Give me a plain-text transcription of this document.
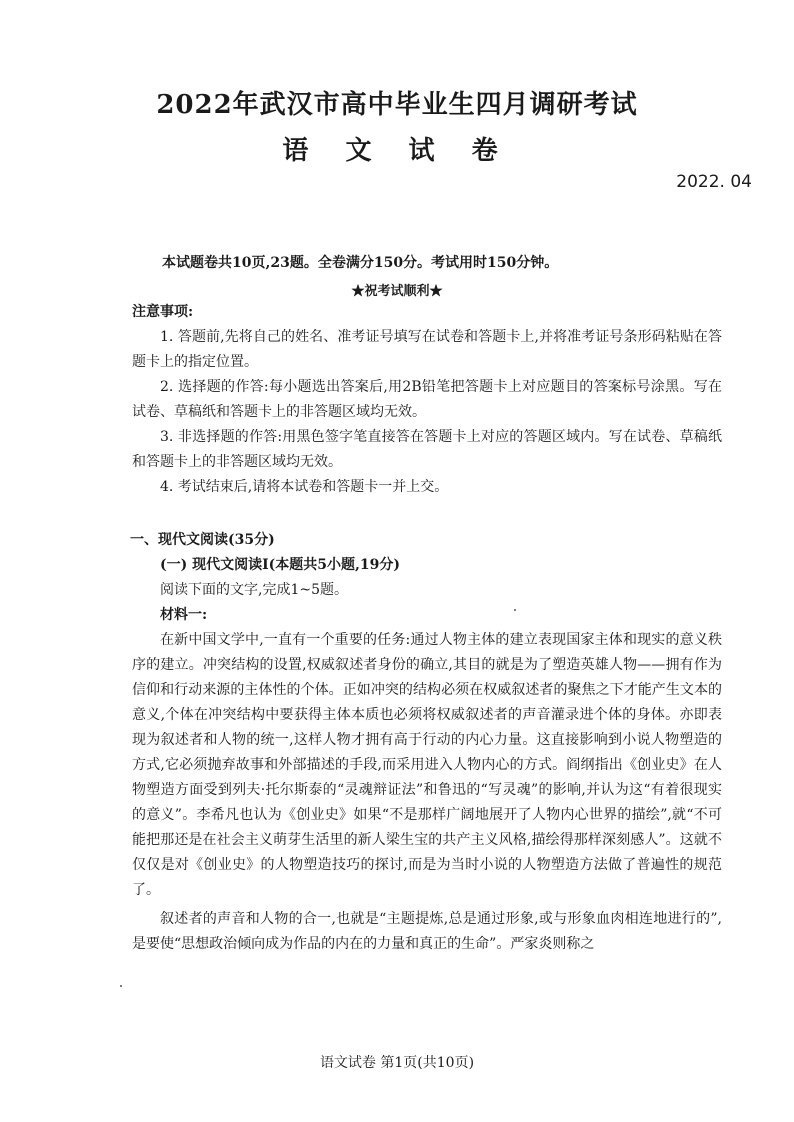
2022年武汉市高中毕业生四月调研考试
语 文 试 卷
2022. 04
本试题卷共10页,23题。全卷满分150分。考试用时150分钟。
★祝考试顺利★

注意事项:

1. 答题前,先将自己的姓名、准考证号填写在试卷和答题卡上,并将准考证号条形码粘贴在答题卡上的指定位置。

2. 选择题的作答:每小题选出答案后,用2B铅笔把答题卡上对应题目的答案标号涂黑。写在试卷、草稿纸和答题卡上的非答题区域均无效。

3. 非选择题的作答:用黑色签字笔直接答在答题卡上对应的答题区域内。写在试卷、草稿纸和答题卡上的非答题区域均无效。

4. 考试结束后,请将本试卷和答题卡一并上交。

一、现代文阅读(35分)

(一) 现代文阅读Ⅰ(本题共5小题,19分)

阅读下面的文字,完成1~5题。

材料一:

在新中国文学中,一直有一个重要的任务:通过人物主体的建立表现国家主体和现实的意义秩序的建立。冲突结构的设置,权威叙述者身份的确立,其目的就是为了塑造英雄人物——拥有作为信仰和行动来源的主体性的个体。正如冲突的结构必须在权威叙述者的聚焦之下才能产生文本的意义,个体在冲突结构中要获得主体本质也必须将权威叙述者的声音灌录进个体的身体。亦即表现为叙述者和人物的统一,这样人物才拥有高于行动的内心力量。这直接影响到小说人物塑造的方式,它必须抛弃故事和外部描述的手段,而采用进入人物内心的方式。阎纲指出《创业史》在人物塑造方面受到列夫·托尔斯泰的“灵魂辩证法”和鲁迅的“写灵魂”的影响,并认为这“有着很现实的意义”。李希凡也认为《创业史》如果“不是那样广阔地展开了人物内心世界的描绘”,就“不可能把那还是在社会主义萌芽生活里的新人梁生宝的共产主义风格,描绘得那样深刻感人”。这就不仅仅是对《创业史》的人物塑造技巧的探讨,而是为当时小说的人物塑造方法做了普遍性的规范了。

叙述者的声音和人物的合一,也就是“主题提炼,总是通过形象,或与形象血肉相连地进行的”,是要使“思想政治倾向成为作品的内在的力量和真正的生命”。严家炎则称之

语文试卷 第1页(共10页)
